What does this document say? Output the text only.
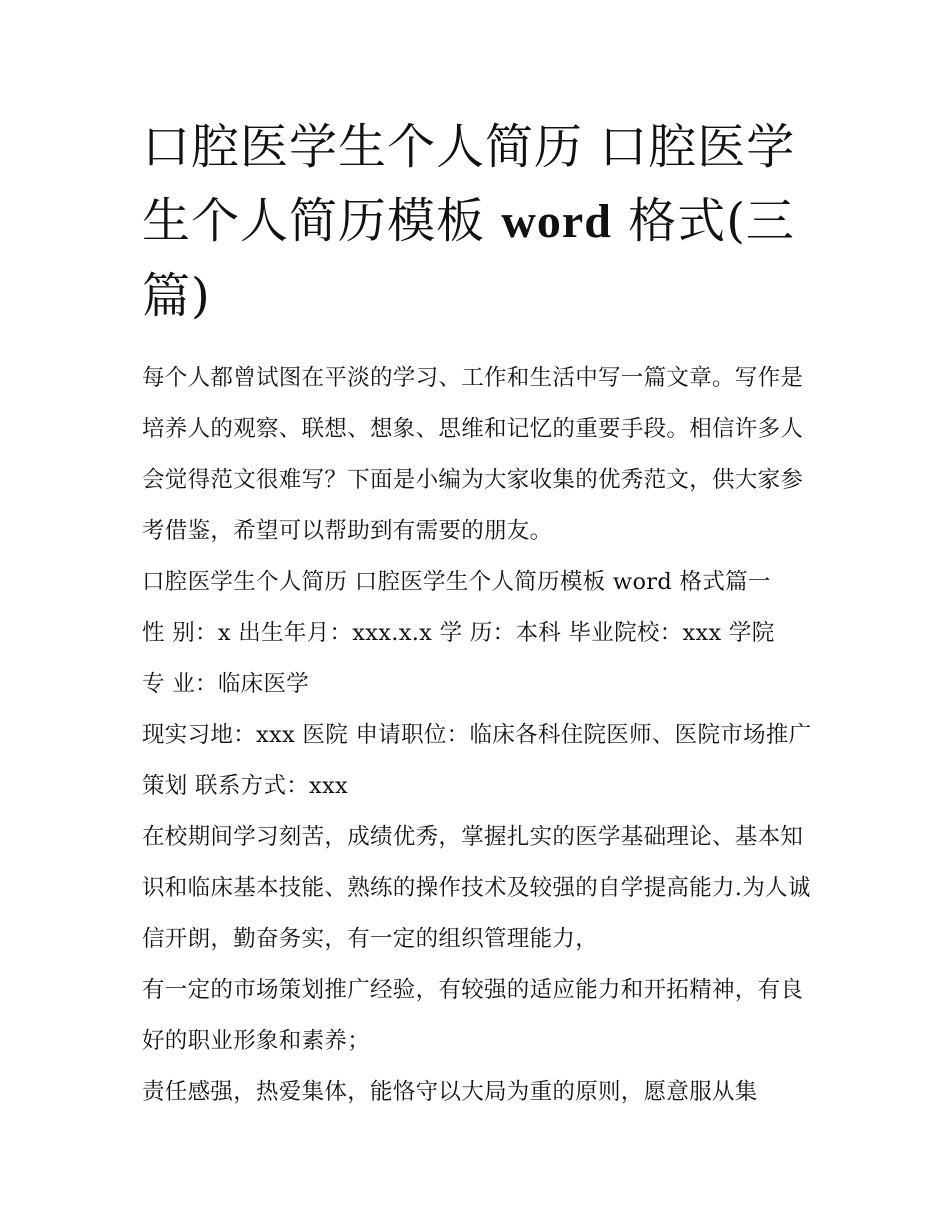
口腔医学生个人简历 口腔医学生个人简历模板 word 格式(三篇)

每个人都曾试图在平淡的学习、工作和生活中写一篇文章。写作是培养人的观察、联想、想象、思维和记忆的重要手段。相信许多人会觉得范文很难写？下面是小编为大家收集的优秀范文，供大家参考借鉴，希望可以帮助到有需要的朋友。

口腔医学生个人简历 口腔医学生个人简历模板 word 格式篇一

性 别：x 出生年月：xxx.x.x 学 历：本科 毕业院校：xxx 学院

专 业：临床医学

现实习地：xxx 医院 申请职位：临床各科住院医师、医院市场推广策划 联系方式：xxx

在校期间学习刻苦，成绩优秀，掌握扎实的医学基础理论、基本知识和临床基本技能、熟练的操作技术及较强的自学提高能力.为人诚信开朗，勤奋务实，有一定的组织管理能力，

有一定的市场策划推广经验，有较强的适应能力和开拓精神，有良好的职业形象和素养；

责任感强，热爱集体，能恪守以大局为重的原则，愿意服从集
